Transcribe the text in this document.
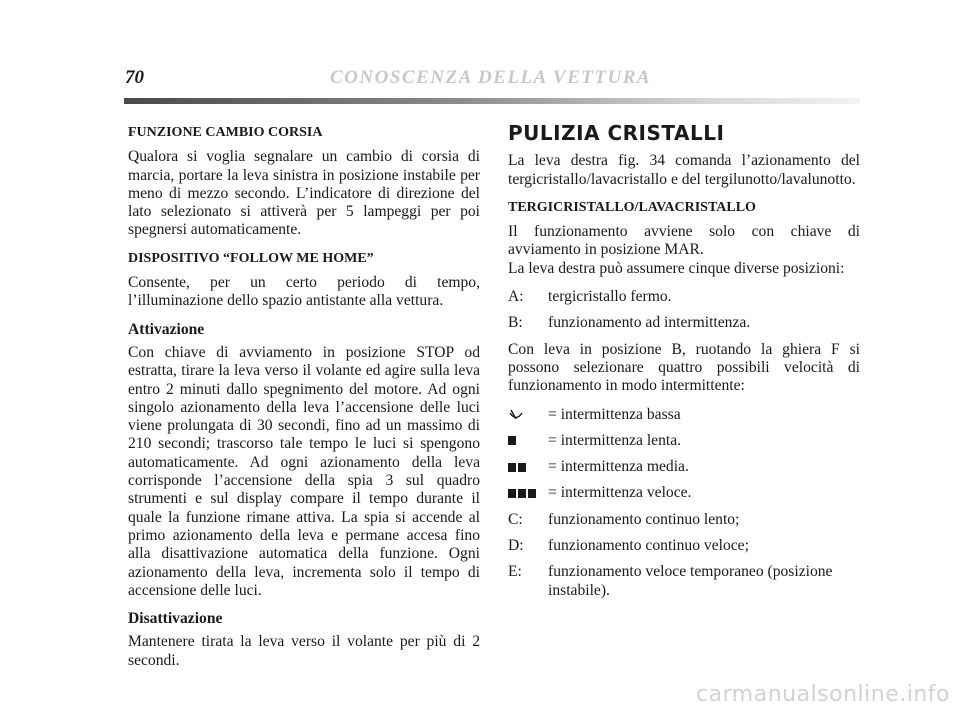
70	CONOSCENZA DELLA VETTURA
FUNZIONE CAMBIO CORSIA

Qualora si voglia segnalare un cambio di corsia di marcia, portare la leva sinistra in posizione instabile per meno di mezzo secondo. L’indicatore di direzione del lato selezionato si attiverà per 5 lampeggi per poi spegnersi automaticamente.

DISPOSITIVO “FOLLOW ME HOME”

Consente, per un certo periodo di tempo, l’illuminazione dello spazio antistante alla vettura.

Attivazione

Con chiave di avviamento in posizione STOP od estratta, tirare la leva verso il volante ed agire sulla leva entro 2 minuti dallo spegnimento del motore. Ad ogni singolo azionamento della leva l’accensione delle luci viene prolungata di 30 secondi, fino ad un massimo di 210 secondi; trascorso tale tempo le luci si spengono automaticamente. Ad ogni azionamento della leva corrisponde l’accensione della spia 3 sul quadro strumenti e sul display compare il tempo durante il quale la funzione rimane attiva. La spia si accende al primo azionamento della leva e permane accesa fino alla disattivazione automatica della funzione. Ogni azionamento della leva, incrementa solo il tempo di accensione delle luci.

Disattivazione

Mantenere tirata la leva verso il volante per più di 2 secondi.

PULIZIA CRISTALLI

La leva destra fig. 34 comanda l’azionamento del tergicristallo/lavacristallo e del tergilunotto/lavalunotto.

TERGICRISTALLO/LAVACRISTALLO

Il funzionamento avviene solo con chiave di avviamento in posizione MAR.

La leva destra può assumere cinque diverse posizioni:

A:	tergicristallo fermo.
B:	funzionamento ad intermittenza.

Con leva in posizione B, ruotando la ghiera F si possono selezionare quattro possibili velocità di funzionamento in modo intermittente:

= intermittenza bassa
= intermittenza lenta.
= intermittenza media.
= intermittenza veloce.
C:	funzionamento continuo lento;
D:	funzionamento continuo veloce;
E:	funzionamento veloce temporaneo (posizione instabile).
carmanualsonline.info
